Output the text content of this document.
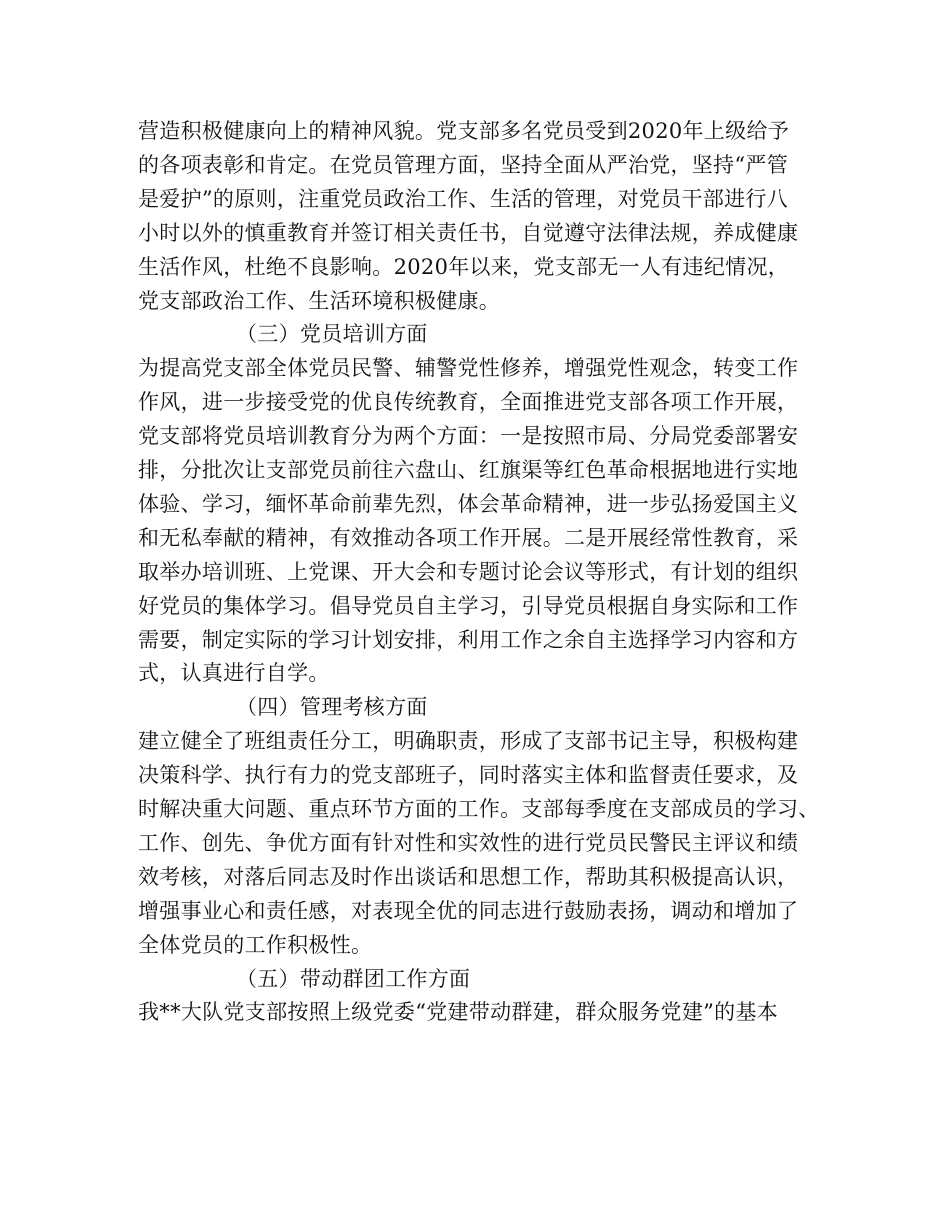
营造积极健康向上的精神风貌。党支部多名党员受到2020年上级给予
的各项表彰和肯定。在党员管理方面，坚持全面从严治党，坚持“严管
是爱护”的原则，注重党员政治工作、生活的管理，对党员干部进行八
小时以外的慎重教育并签订相关责任书，自觉遵守法律法规，养成健康
生活作风，杜绝不良影响。2020年以来，党支部无一人有违纪情况，
党支部政治工作、生活环境积极健康。
（三）党员培训方面
为提高党支部全体党员民警、辅警党性修养，增强党性观念，转变工作
作风，进一步接受党的优良传统教育，全面推进党支部各项工作开展，
党支部将党员培训教育分为两个方面：一是按照市局、分局党委部署安
排，分批次让支部党员前往六盘山、红旗渠等红色革命根据地进行实地
体验、学习，缅怀革命前辈先烈，体会革命精神，进一步弘扬爱国主义
和无私奉献的精神，有效推动各项工作开展。二是开展经常性教育，采
取举办培训班、上党课、开大会和专题讨论会议等形式，有计划的组织
好党员的集体学习。倡导党员自主学习，引导党员根据自身实际和工作
需要，制定实际的学习计划安排，利用工作之余自主选择学习内容和方
式，认真进行自学。
（四）管理考核方面
建立健全了班组责任分工，明确职责，形成了支部书记主导，积极构建
决策科学、执行有力的党支部班子，同时落实主体和监督责任要求，及
时解决重大问题、重点环节方面的工作。支部每季度在支部成员的学习、
工作、创先、争优方面有针对性和实效性的进行党员民警民主评议和绩
效考核，对落后同志及时作出谈话和思想工作，帮助其积极提高认识，
增强事业心和责任感，对表现全优的同志进行鼓励表扬，调动和增加了
全体党员的工作积极性。
（五）带动群团工作方面
我**大队党支部按照上级党委“党建带动群建，群众服务党建”的基本
